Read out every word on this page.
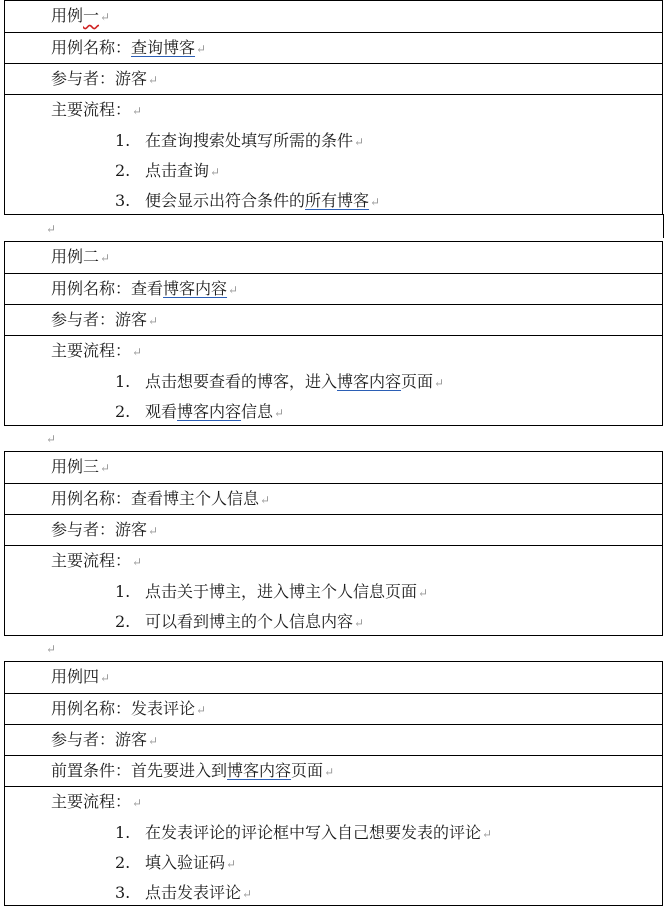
用例一↵
用例名称：查询博客↵
参与者：游客↵
主要流程：↵
1. 在查询搜索处填写所需的条件↵
2. 点击查询↵
3. 便会显示出符合条件的所有博客↵
↵
用例二↵
用例名称：查看博客内容↵
参与者：游客↵
主要流程：↵
1. 点击想要查看的博客，进入博客内容页面↵
2. 观看博客内容信息↵
↵
用例三↵
用例名称：查看博主个人信息↵
参与者：游客↵
主要流程：↵
1. 点击关于博主，进入博主个人信息页面↵
2. 可以看到博主的个人信息内容↵
↵
用例四↵
用例名称：发表评论↵
参与者：游客↵
前置条件：首先要进入到博客内容页面↵
主要流程：↵
1. 在发表评论的评论框中写入自己想要发表的评论↵
2. 填入验证码↵
3. 点击发表评论↵
